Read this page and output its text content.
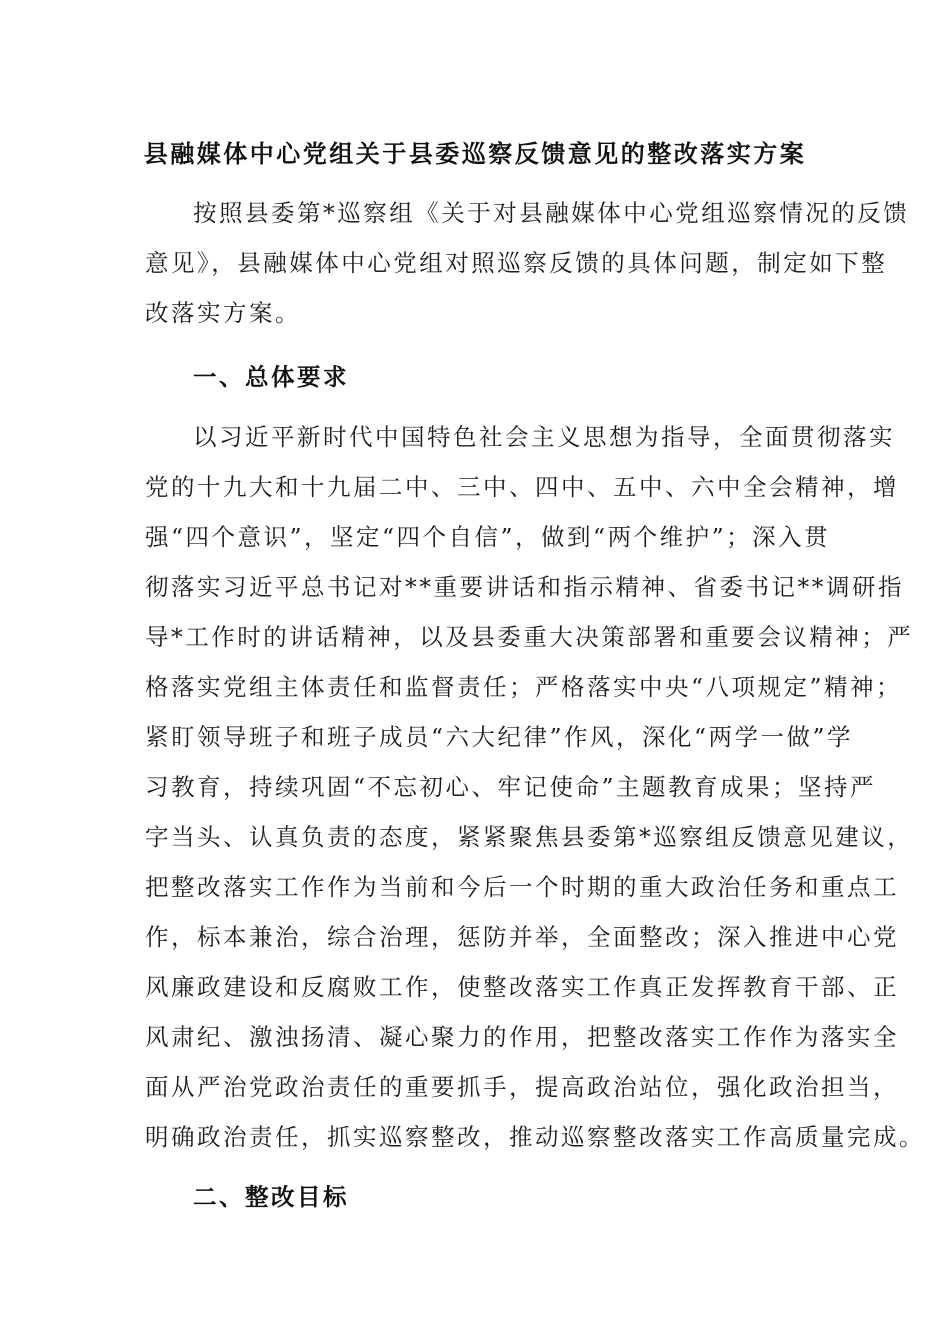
县融媒体中心党组关于县委巡察反馈意见的整改落实方案

按照县委第*巡察组《关于对县融媒体中心党组巡察情况的反馈

意见》，县融媒体中心党组对照巡察反馈的具体问题，制定如下整

改落实方案。

一、总体要求

以习近平新时代中国特色社会主义思想为指导，全面贯彻落实

党的十九大和十九届二中、三中、四中、五中、六中全会精神，增

强“四个意识”，坚定“四个自信”，做到“两个维护”；深入贯

彻落实习近平总书记对**重要讲话和指示精神、省委书记**调研指

导*工作时的讲话精神，以及县委重大决策部署和重要会议精神；严

格落实党组主体责任和监督责任；严格落实中央“八项规定”精神；

紧盯领导班子和班子成员“六大纪律”作风，深化“两学一做”学

习教育，持续巩固“不忘初心、牢记使命”主题教育成果；坚持严

字当头、认真负责的态度，紧紧聚焦县委第*巡察组反馈意见建议，

把整改落实工作作为当前和今后一个时期的重大政治任务和重点工

作，标本兼治，综合治理，惩防并举，全面整改；深入推进中心党

风廉政建设和反腐败工作，使整改落实工作真正发挥教育干部、正

风肃纪、激浊扬清、凝心聚力的作用，把整改落实工作作为落实全

面从严治党政治责任的重要抓手，提高政治站位，强化政治担当，

明确政治责任，抓实巡察整改，推动巡察整改落实工作高质量完成。

二、整改目标
